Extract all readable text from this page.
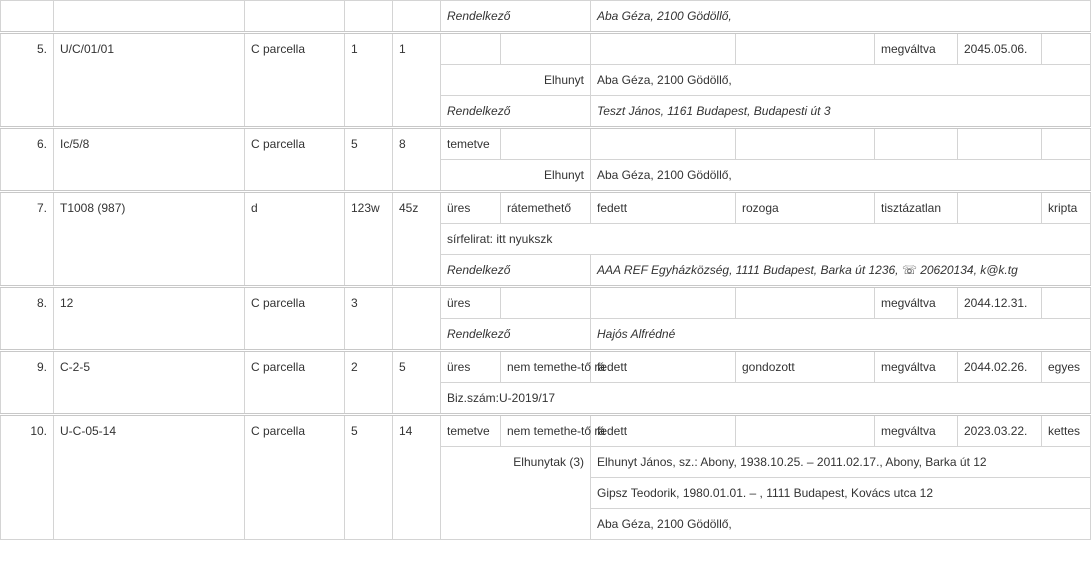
					Rendelkező		Aba Géza, 2100 Gödöllő,				
5.	U/C/01/01	C parcella	1	1					megváltva	2045.05.06.	
					Elhunyt		Aba Géza, 2100 Gödöllő,				
					Rendelkező		Teszt János, 1161 Budapest, Budapesti út 3				
6.	Ic/5/8	C parcella	5	8	temetve						
					Elhunyt		Aba Géza, 2100 Gödöllő,				
7.	T1008 (987)	d	123w	45z	üres	rátemethető	fedett	rozoga	tisztázatlan		kripta
					sírfelirat: itt nyukszk						
					Rendelkező		AAA REF Egyházközség, 1111 Budapest, Barka út 1236, ☏ 20620134, k@k.tg				
8.	12	C parcella	3		üres				megváltva	2044.12.31.	
					Rendelkező		Hajós Alfrédné				
9.	C-2-5	C parcella	2	5	üres	nem temethe-tő rá	fedett	gondozott	megváltva	2044.02.26.	egyes
					Biz.szám:U-2019/17						
10.	U-C-05-14	C parcella	5	14	temetve	nem temethe-tő rá	fedett		megváltva	2023.03.22.	kettes
					Elhunytak (3)		Elhunyt János, sz.: Abony, 1938.10.25. – 2011.02.17., Abony, Barka út 12				
							Gipsz Teodorik, 1980.01.01. – , 1111 Budapest, Kovács utca 12				
							Aba Géza, 2100 Gödöllő,				
